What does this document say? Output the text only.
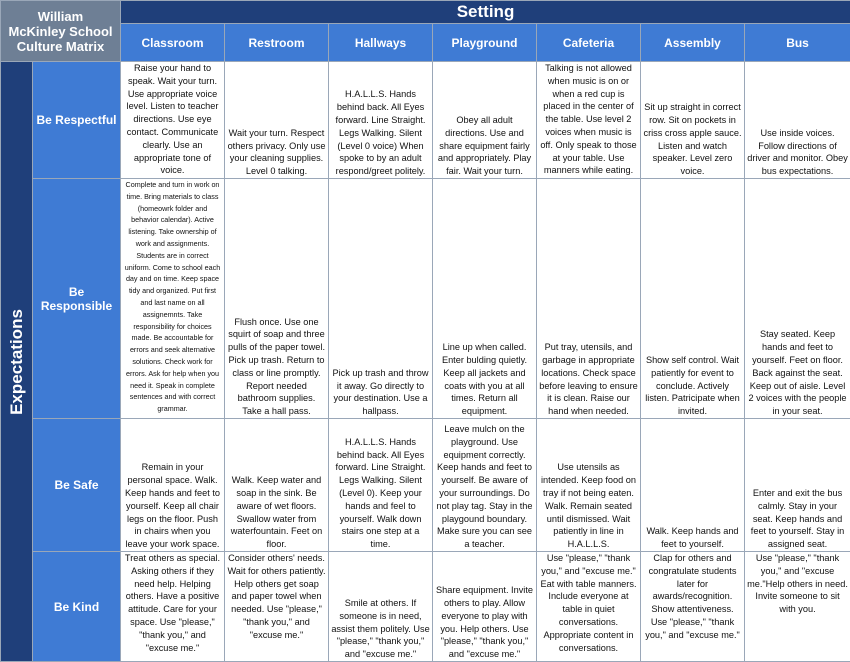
William
McKinley School
Culture Matrix		Setting						
		Classroom	Restroom	Hallways	Playground	Cafeteria	Assembly	Bus

Expectations	Be Respectful	Raise your hand to speak. Wait your turn. Use appropriate voice level. Listen to teacher directions. Use eye contact. Communicate clearly. Use an appropriate tone of voice.	Wait your turn. Respect others privacy. Only use your cleaning supplies. Level 0 talking.	H.A.L.L.S. Hands behind back. All Eyes forward. Line Straight. Legs Walking. Silent (Level 0 voice) When spoke to by an adult respond/greet politely.	Obey all adult directions. Use and share equipment fairly and appropriately. Play fair. Wait your turn.	Talking is not allowed when music is on or when a red cup is placed in the center of the table. Use level 2 voices when music is off. Only speak to those at your table. Use manners while eating.	Sit up straight in correct row. Sit on pockets in criss cross apple sauce. Listen and watch speaker. Level zero voice.	Use inside voices. Follow directions of driver and monitor. Obey bus expectations.
	Be Responsible	Complete and turn in work on time. Bring materials to class (homeowrk folder and behavior calendar). Active listening. Take ownership of work and assignments. Students are in correct uniform. Come to school each day and on time. Keep space tidy and organized. Put first and last name on all assignemnts. Take responsibility for choices made. Be accountable for errors and seek alternative solutions. Check work for errors. Ask for help when you need it. Speak in complete sentences and with correct grammar.	Flush once. Use one squirt of soap and three pulls of the paper towel. Pick up trash. Return to class or line promptly. Report needed bathroom supplies. Take a hall pass.	Pick up trash and throw it away. Go directly to your destination. Use a hallpass.	Line up when called. Enter bulding quietly. Keep all jackets and coats with you at all times. Return all equipment.	Put tray, utensils, and garbage in appropriate locations. Check space before leaving to ensure it is clean. Raise our hand when needed.	Show self control. Wait patiently for event to conclude. Actively listen. Patricipate when invited.	Stay seated. Keep hands and feet to yourself. Feet on floor. Back against the seat. Keep out of aisle. Level 2 voices with the people in your seat.
	Be Safe	Remain in your personal space. Walk. Keep hands and feet to yourself. Keep all chair legs on the floor. Push in chairs when you leave your work space.	Walk. Keep water and soap in the sink. Be aware of wet floors. Swallow water from waterfountain. Feet on floor.	H.A.L.L.S. Hands behind back. All Eyes forward. Line Straight. Legs Walking. Silent (Level 0). Keep your hands and feel to yourself. Walk down stairs one step at a time.	Leave mulch on the playground. Use equipment correctly. Keep hands and feet to yourself. Be aware of your surroundings. Do not play tag. Stay in the playgound boundary. Make sure you can see a teacher.	Use utensils as intended. Keep food on tray if not being eaten. Walk. Remain seated until dismissed. Wait patiently in line in H.A.L.L.S.	Walk. Keep hands and feet to yourself.	Enter and exit the bus calmly. Stay in your seat. Keep hands and feet to yourself. Stay in assigned seat.
	Be Kind	Treat others as special. Asking others if they need help. Helping others. Have a positive attitude. Care for your space. Use "please," "thank you," and "excuse me."	Consider others' needs. Wait for others patiently. Help others get soap and paper towel when needed. Use "please," "thank you," and "excuse me."	Smile at others. If someone is in need, assist them politely. Use "please," "thank you," and "excuse me."	Share equipment. Invite others to play. Allow everyone to play with you. Help others. Use "please," "thank you," and "excuse me."	Use "please," "thank you," and "excuse me." Eat with table manners. Include everyone at table in quiet conversations. Appropriate content in conversations.	Clap for others and congratulate students later for awards/recognition. Show attentiveness. Use "please," "thank you," and "excuse me."	Use "please," "thank you," and "excuse me."Help others in need. Invite someone to sit with you.
